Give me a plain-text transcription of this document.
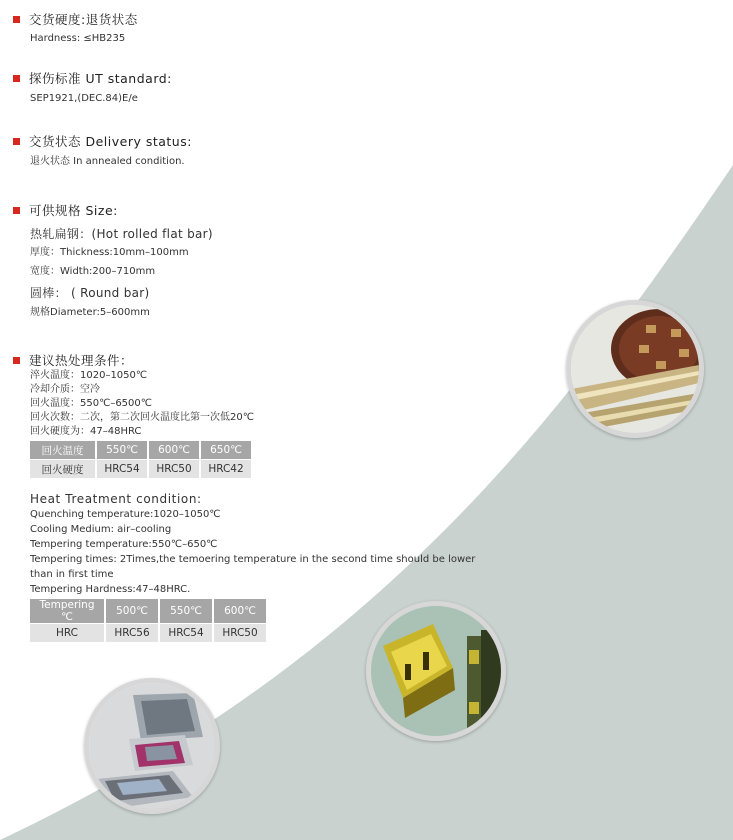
交货硬度:退货状态
Hardness: ≤HB235
探伤标准 UT standard:
SEP1921,(DEC.84)E/e
交货状态 Delivery status:
退火状态 In annealed condition.
可供规格 Size:
热轧扁钢：(Hot rolled flat bar)
厚度：Thickness:10mm–100mm
宽度：Width:200–710mm
圆棒： ( Round bar)
规格Diameter:5–600mm
建议热处理条件：
淬火温度：1020–1050℃
冷却介质：空冷
回火温度：550℃–6500℃
回火次数：二次，第二次回火温度比第一次低20℃
回火硬度为：47–48HRC
回火温度	550℃	600℃	650℃
回火硬度	HRC54	HRC50	HRC42
Heat Treatment condition:
Quenching temperature:1020–1050℃
Cooling Medium: air–cooling
Tempering temperature:550℃–650℃
Tempering times: 2Times,the temoering temperature in the second time should be lower
than in first time
Tempering Hardness:47–48HRC.
Tempering ℃	500℃	550℃	600℃
HRC	HRC56	HRC54	HRC50
